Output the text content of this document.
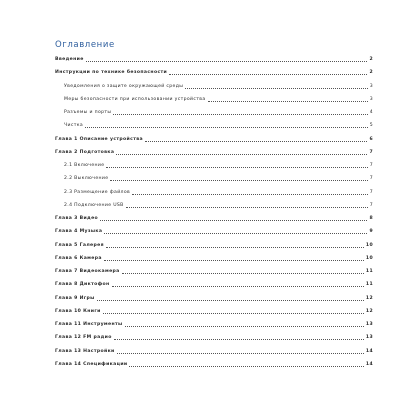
Оглавление
Введение	2
Инструкции по технике безопасности	2
Уведомления о защите окружающей среды	3
Меры безопасности при использовании устройства	3
Разъемы и порты	4
Чистка	5
Глава 1 Описание устройства	6
Глава 2 Подготовка	7
2.1 Включение	7
2.2 Выключение	7
2.3 Размещение файлов	7
2.4 Подключение USB	7
Глава 3 Видео	8
Глава 4 Музыка	9
Глава 5 Галерея	10
Глава 6 Камера	10
Глава 7 Видеокамера	11
Глава 8 Диктофон	11
Глава 9 Игры	12
Глава 10 Книги	12
Глава 11 Инструменты	13
Глава 12 FM радио	13
Глава 13 Настройки	14
Глава 14 Спецификации	14
